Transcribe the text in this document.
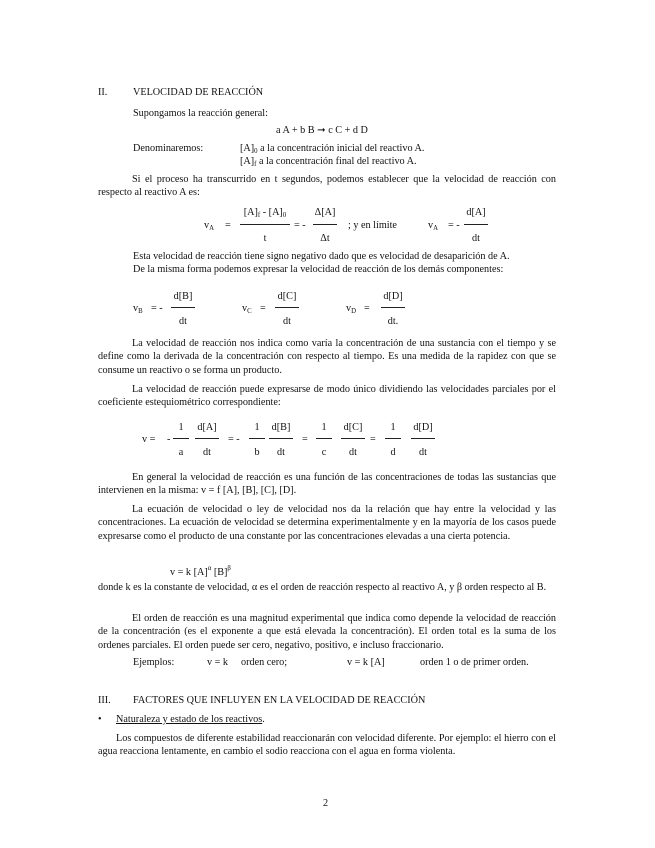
II.	VELOCIDAD DE REACCIÓN
Supongamos la reacción general:
a A + b B ➞ c C + d D
Denominaremos:	$[A]_0$ a la concentración inicial del reactivo A.
$[A]_f$ a la concentración final del reactivo A.
Si el proceso ha transcurrido en t segundos, podemos establecer que la velocidad de reacción con respecto al reactivo A es:
$v_A$ =
$[A]_f - [A]_0$
t
= -
Δ[A]
Δt
; y en límite	$v_A$ = -
d[A]
dt
Esta velocidad de reacción tiene signo negativo dado que es velocidad de desaparición de A.
De la misma forma podemos expresar la velocidad de reacción de los demás componentes:
$v_B$ = -
d[B]
dt
$v_C$ =
d[C]
dt
$v_D$ =
d[D]
dt.
La velocidad de reacción nos indica como varía la concentración de una sustancia con el tiempo y se define como la derivada de la concentración con respecto al tiempo. Es una medida de la rapidez con que se consume un reactivo o se forma un producto.
La velocidad de reacción puede expresarse de modo único dividiendo las velocidades parciales por el coeficiente estequiométrico correspondiente:
v = -
1
a
d[A]
dt
= -
1
b
d[B]
dt
=
1
c
d[C]
dt
=
1
d
d[D]
dt
En general la velocidad de reacción es una función de las concentraciones de todas las sustancias que intervienen en la misma: v = f [A], [B], [C], [D].
La ecuación de velocidad o ley de velocidad nos da la relación que hay entre la velocidad y las concentraciones. La ecuación de velocidad se determina experimentalmente y en la mayoría de los casos puede expresarse como el producto de una constante por las concentraciones elevadas a una cierta potencia.
v = k $[A]^\alpha$ $[B]^\beta$
donde k es la constante de velocidad, α es el orden de reacción respecto al reactivo A, y β orden respecto al B.
El orden de reacción es una magnitud experimental que indica como depende la velocidad de reacción de la concentración (es el exponente a que está elevada la concentración). El orden total es la suma de los ordenes parciales. El orden puede ser cero, negativo, positivo, e incluso fraccionario.
Ejemplos:	v = k orden cero;	v = k [A]	orden 1 o de primer orden.
III. FACTORES QUE INFLUYEN EN LA VELOCIDAD DE REACCIÓN
• Naturaleza y estado de los reactivos.
Los compuestos de diferente estabilidad reaccionarán con velocidad diferente. Por ejemplo: el hierro con el agua reacciona lentamente, en cambio el sodio reacciona con el agua en forma violenta.
2
